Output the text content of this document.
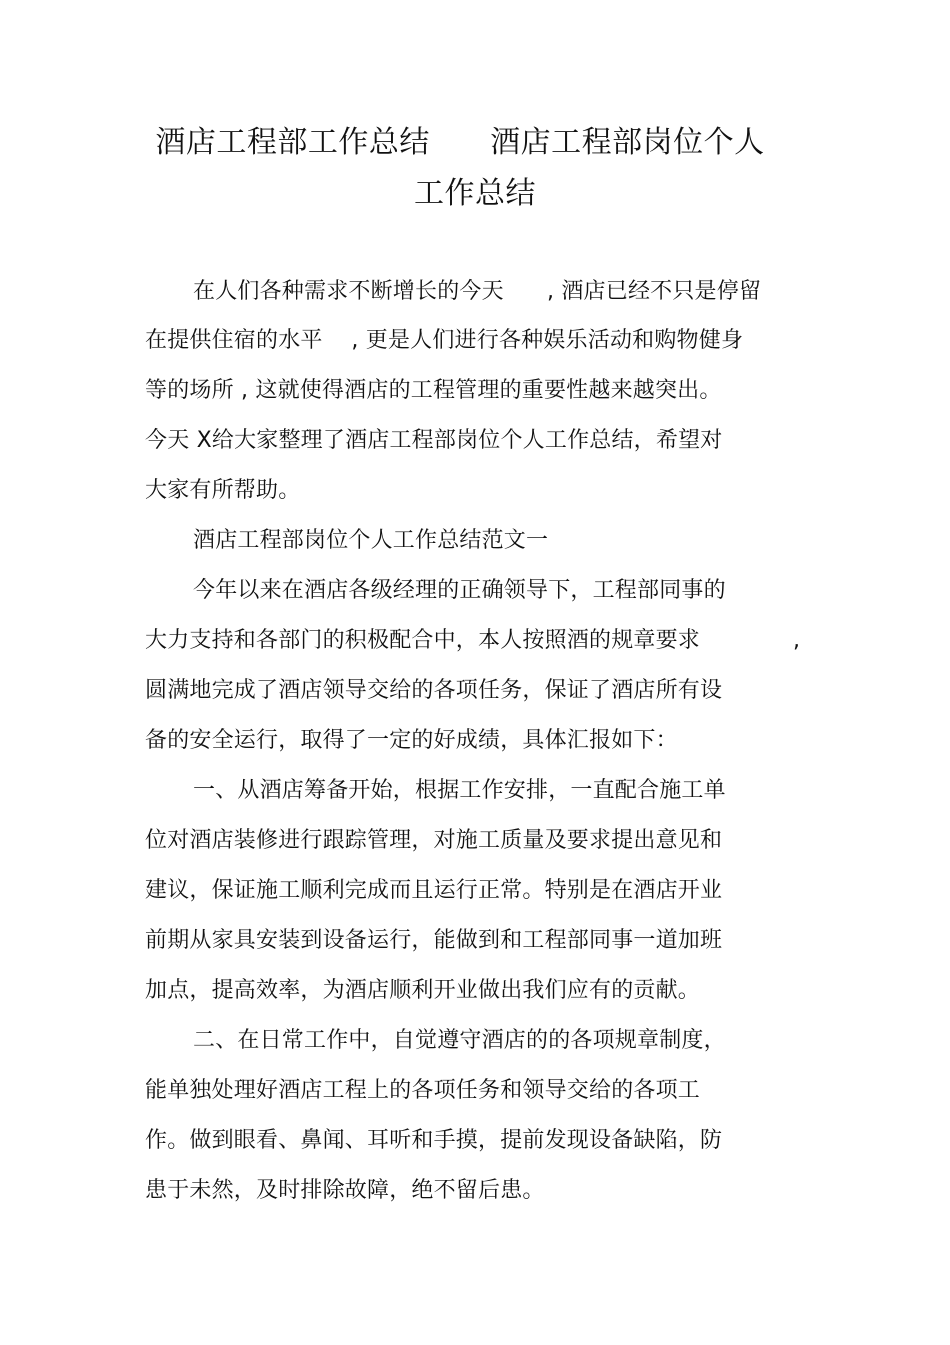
酒店工程部工作总结      酒店工程部岗位个人
工作总结
在人们各种需求不断增长的今天      , 酒店已经不只是停留
在提供住宿的水平    , 更是人们进行各种娱乐活动和购物健身
等的场所 , 这就使得酒店的工程管理的重要性越来越突出。
今天 X给大家整理了酒店工程部岗位个人工作总结，希望对
大家有所帮助。
酒店工程部岗位个人工作总结范文一
今年以来在酒店各级经理的正确领导下，工程部同事的
大力支持和各部门的积极配合中，本人按照酒的规章要求	,
圆满地完成了酒店领导交给的各项任务，保证了酒店所有设
备的安全运行，取得了一定的好成绩，具体汇报如下：
一、从酒店筹备开始，根据工作安排，一直配合施工单
位对酒店装修进行跟踪管理，对施工质量及要求提出意见和
建议，保证施工顺利完成而且运行正常。特别是在酒店开业
前期从家具安装到设备运行，能做到和工程部同事一道加班
加点，提高效率，为酒店顺利开业做出我们应有的贡献。
二、在日常工作中，自觉遵守酒店的的各项规章制度，
能单独处理好酒店工程上的各项任务和领导交给的各项工
作。做到眼看、鼻闻、耳听和手摸，提前发现设备缺陷，防
患于未然，及时排除故障，绝不留后患。
